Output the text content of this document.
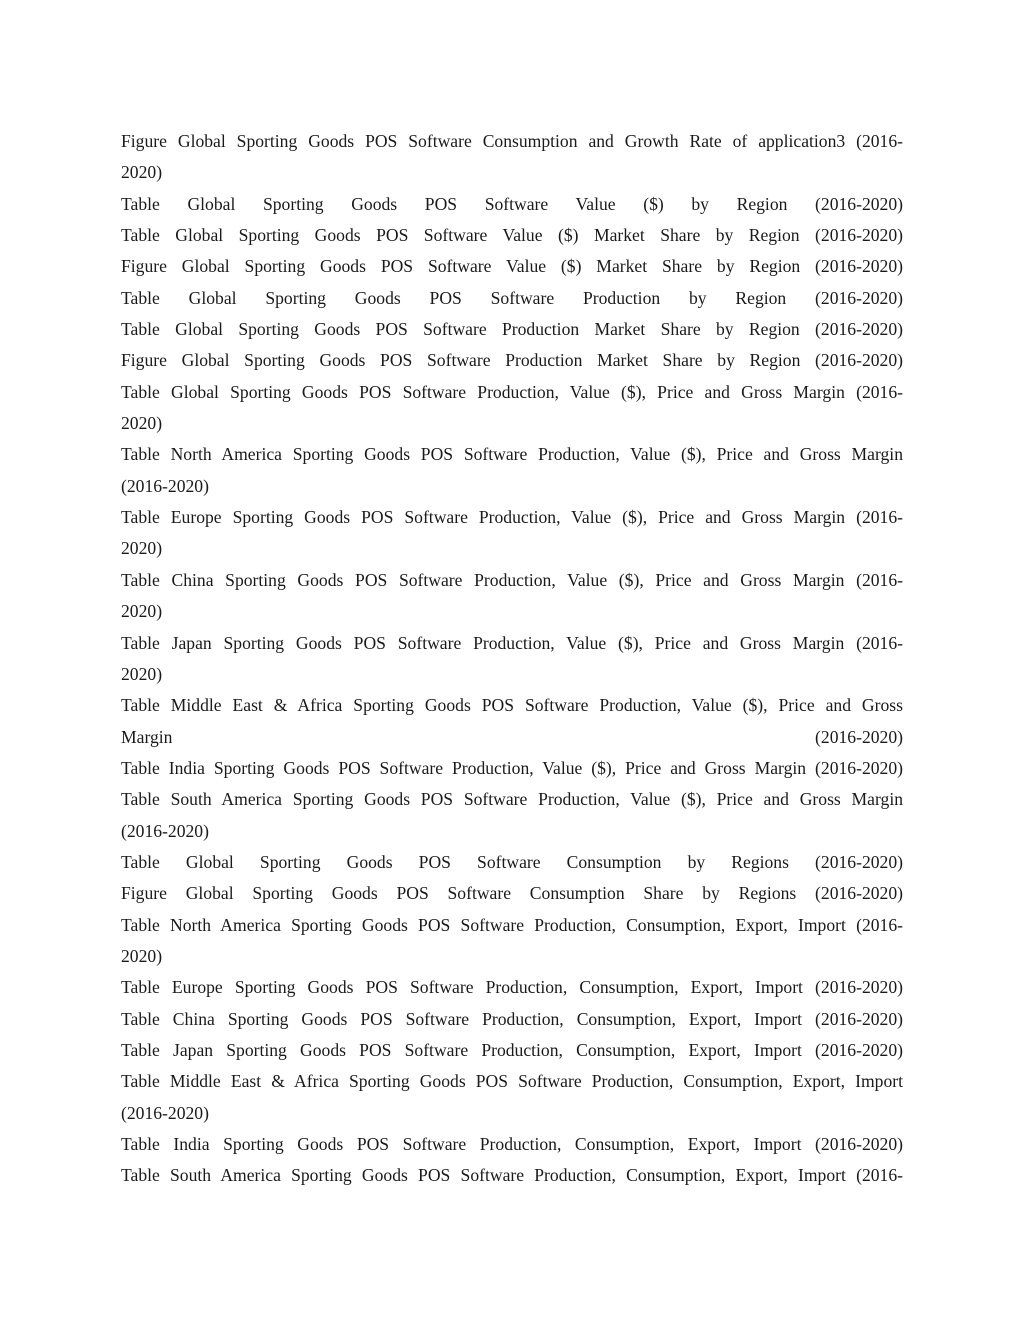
Figure Global Sporting Goods POS Software Consumption and Growth Rate of application3 (2016-
2020)
Table Global Sporting Goods POS Software Value ($) by Region (2016-2020)
Table Global Sporting Goods POS Software Value ($) Market Share by Region (2016-2020)
Figure Global Sporting Goods POS Software Value ($) Market Share by Region (2016-2020)
Table Global Sporting Goods POS Software Production by Region (2016-2020)
Table Global Sporting Goods POS Software Production Market Share by Region (2016-2020)
Figure Global Sporting Goods POS Software Production Market Share by Region (2016-2020)
Table Global Sporting Goods POS Software Production, Value ($), Price and Gross Margin (2016-
2020)
Table North America Sporting Goods POS Software Production, Value ($), Price and Gross Margin
(2016-2020)
Table Europe Sporting Goods POS Software Production, Value ($), Price and Gross Margin (2016-
2020)
Table China Sporting Goods POS Software Production, Value ($), Price and Gross Margin (2016-
2020)
Table Japan Sporting Goods POS Software Production, Value ($), Price and Gross Margin (2016-
2020)
Table Middle East & Africa Sporting Goods POS Software Production, Value ($), Price and Gross
Margin (2016-2020)
Table India Sporting Goods POS Software Production, Value ($), Price and Gross Margin (2016-2020)
Table South America Sporting Goods POS Software Production, Value ($), Price and Gross Margin
(2016-2020)
Table Global Sporting Goods POS Software Consumption by Regions (2016-2020)
Figure Global Sporting Goods POS Software Consumption Share by Regions (2016-2020)
Table North America Sporting Goods POS Software Production, Consumption, Export, Import (2016-
2020)
Table Europe Sporting Goods POS Software Production, Consumption, Export, Import (2016-2020)
Table China Sporting Goods POS Software Production, Consumption, Export, Import (2016-2020)
Table Japan Sporting Goods POS Software Production, Consumption, Export, Import (2016-2020)
Table Middle East & Africa Sporting Goods POS Software Production, Consumption, Export, Import
(2016-2020)
Table India Sporting Goods POS Software Production, Consumption, Export, Import (2016-2020)
Table South America Sporting Goods POS Software Production, Consumption, Export, Import (2016-
